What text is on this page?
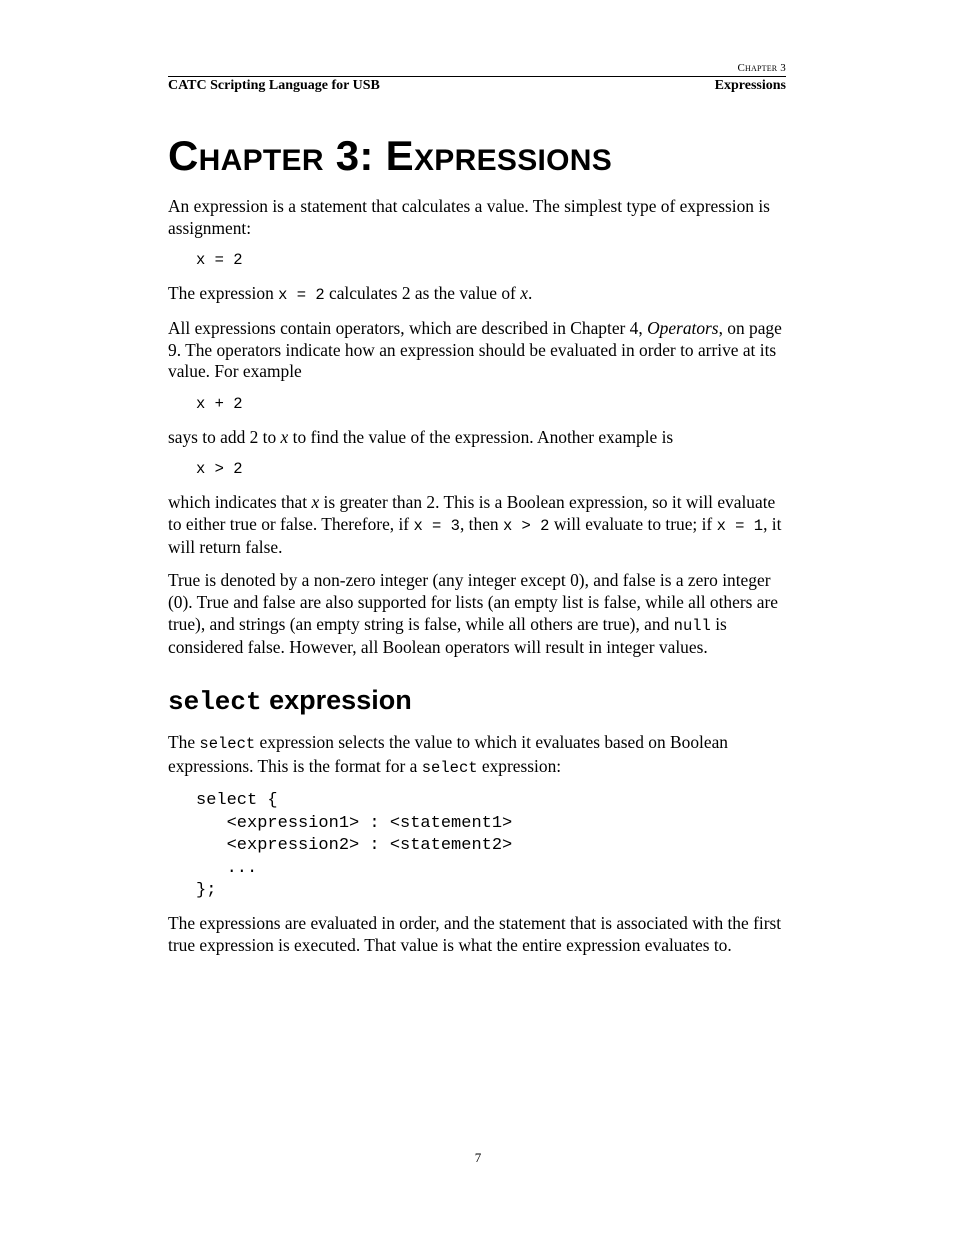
Chapter 3
CATC Scripting Language for USB	Expressions
CHAPTER 3: EXPRESSIONS

An expression is a statement that calculates a value. The simplest type of expression is assignment:

x = 2

The expression x = 2 calculates 2 as the value of x.

All expressions contain operators, which are described in Chapter 4, Operators, on page 9. The operators indicate how an expression should be evaluated in order to arrive at its value. For example

x + 2

says to add 2 to x to find the value of the expression. Another example is

x > 2

which indicates that x is greater than 2. This is a Boolean expression, so it will evaluate to either true or false. Therefore, if x = 3, then x > 2 will evaluate to true; if x = 1, it will return false.

True is denoted by a non-zero integer (any integer except 0), and false is a zero integer (0). True and false are also supported for lists (an empty list is false, while all others are true), and strings (an empty string is false, while all others are true), and null is considered false. However, all Boolean operators will result in integer values.

select expression

The select expression selects the value to which it evaluates based on Boolean expressions. This is the format for a select expression:

select {
<expression1> : <statement1>
<expression2> : <statement2>
...
};

The expressions are evaluated in order, and the statement that is associated with the first true expression is executed. That value is what the entire expression evaluates to.

7
